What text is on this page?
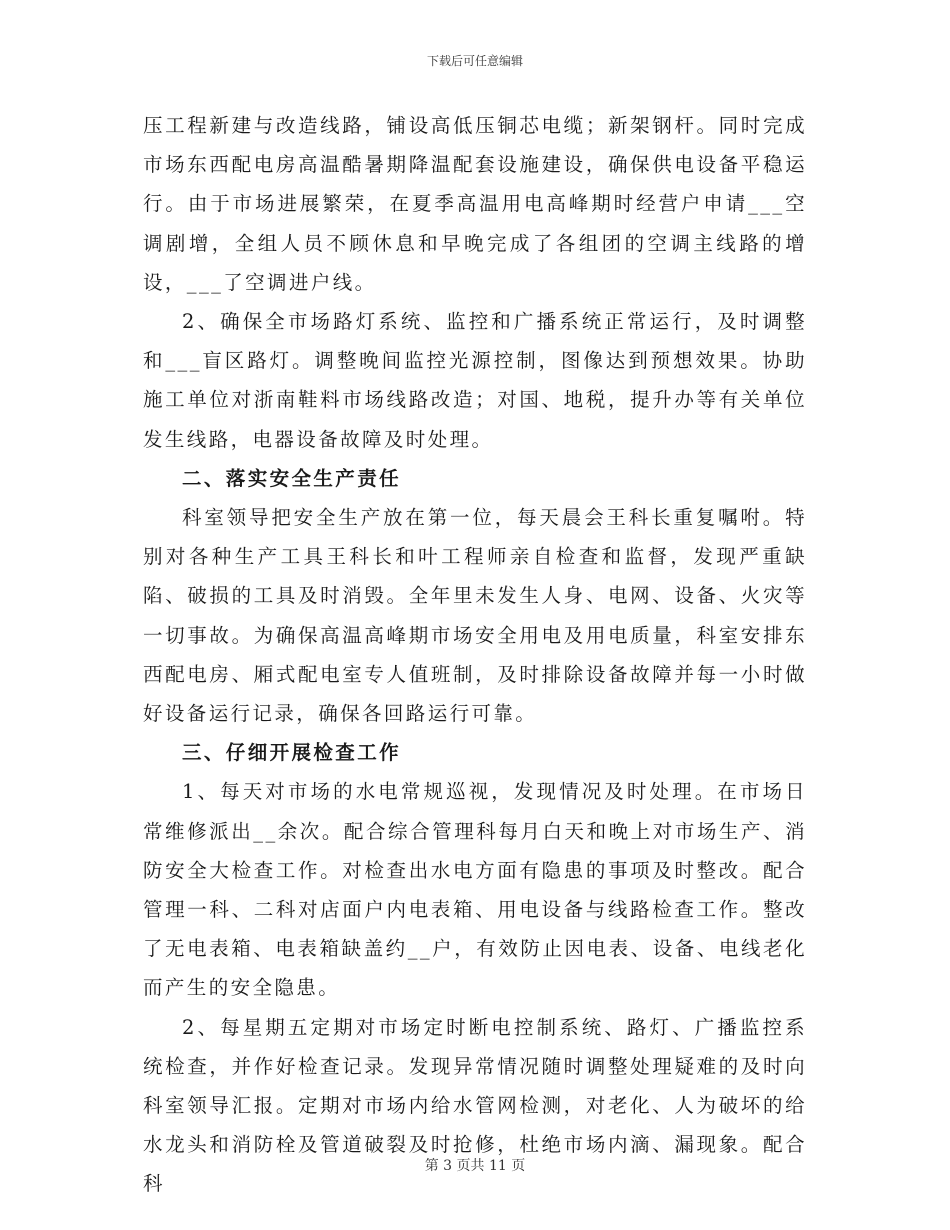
下载后可任意编辑

压工程新建与改造线路，铺设高低压铜芯电缆；新架钢杆。同时完成市场东西配电房高温酷暑期降温配套设施建设，确保供电设备平稳运行。由于市场进展繁荣，在夏季高温用电高峰期时经营户申请___空调剧增，全组人员不顾休息和早晚完成了各组团的空调主线路的增设，___了空调进户线。

2、确保全市场路灯系统、监控和广播系统正常运行，及时调整和___盲区路灯。调整晚间监控光源控制，图像达到预想效果。协助施工单位对浙南鞋料市场线路改造；对国、地税，提升办等有关单位发生线路，电器设备故障及时处理。

二、落实安全生产责任

科室领导把安全生产放在第一位，每天晨会王科长重复嘱咐。特别对各种生产工具王科长和叶工程师亲自检查和监督，发现严重缺陷、破损的工具及时消毁。全年里未发生人身、电网、设备、火灾等一切事故。为确保高温高峰期市场安全用电及用电质量，科室安排东西配电房、厢式配电室专人值班制，及时排除设备故障并每一小时做好设备运行记录，确保各回路运行可靠。

三、仔细开展检查工作

1、每天对市场的水电常规巡视，发现情况及时处理。在市场日常维修派出__余次。配合综合管理科每月白天和晚上对市场生产、消防安全大检查工作。对检查出水电方面有隐患的事项及时整改。配合管理一科、二科对店面户内电表箱、用电设备与线路检查工作。整改了无电表箱、电表箱缺盖约__户，有效防止因电表、设备、电线老化而产生的安全隐患。

2、每星期五定期对市场定时断电控制系统、路灯、广播监控系统检查，并作好检查记录。发现异常情况随时调整处理疑难的及时向科室领导汇报。定期对市场内给水管网检测，对老化、人为破坏的给水龙头和消防栓及管道破裂及时抢修，杜绝市场内滴、漏现象。配合科

第 3 页共 11 页
